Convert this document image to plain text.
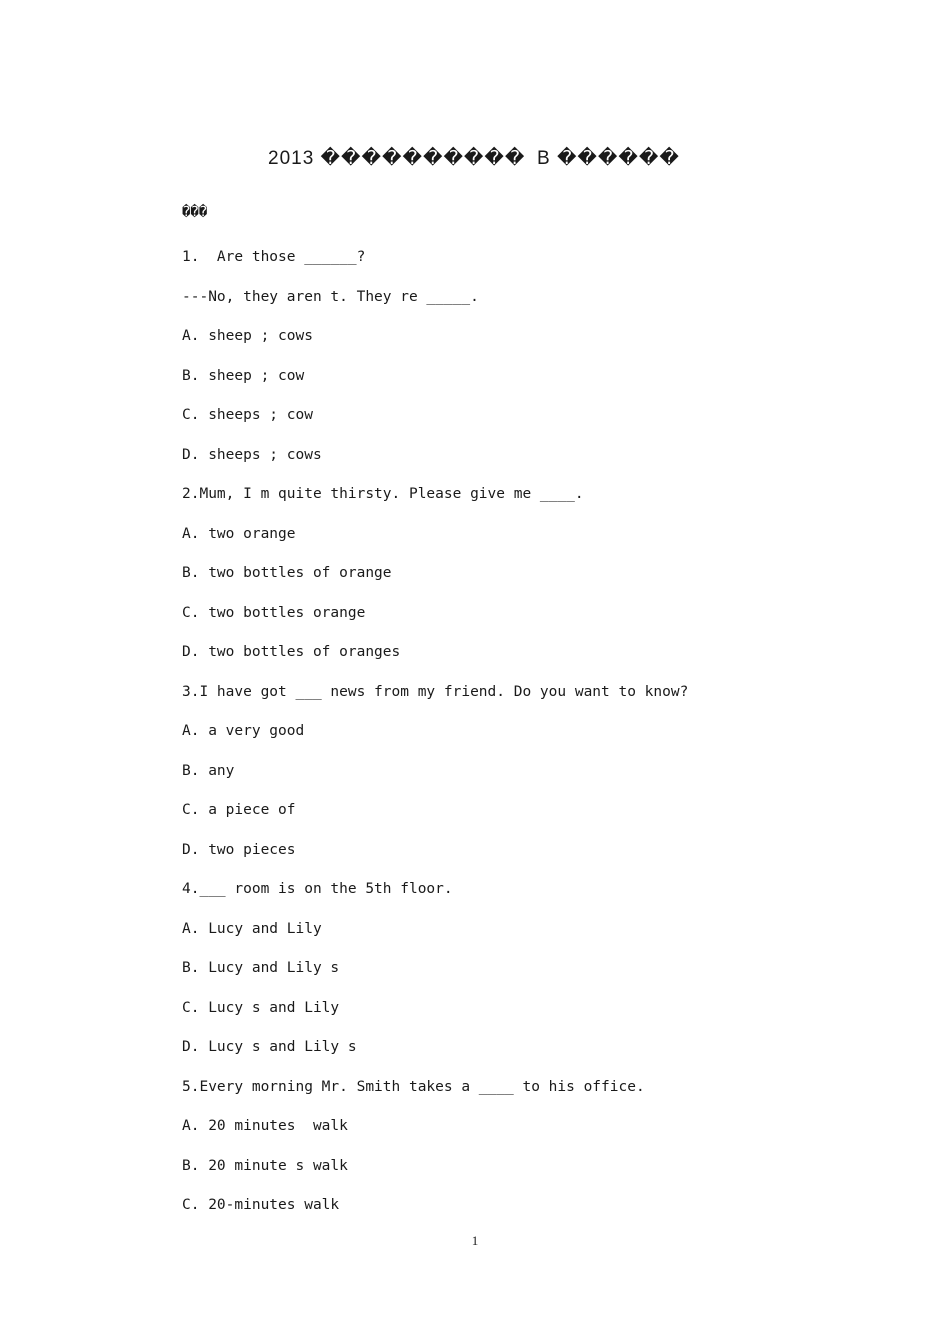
2013 ���������� B ������
���
1.  Are those ______?
---No, they aren t. They re _____.
A. sheep ; cows
B. sheep ; cow
C. sheeps ; cow
D. sheeps ; cows
2.Mum, I m quite thirsty. Please give me ____.
A. two orange
B. two bottles of orange
C. two bottles orange
D. two bottles of oranges
3.I have got ___ news from my friend. Do you want to know?
A. a very good
B. any
C. a piece of
D. two pieces
4.___ room is on the 5th floor.
A. Lucy and Lily
B. Lucy and Lily s
C. Lucy s and Lily
D. Lucy s and Lily s
5.Every morning Mr. Smith takes a ____ to his office.
A. 20 minutes  walk
B. 20 minute s walk
C. 20-minutes walk
1
